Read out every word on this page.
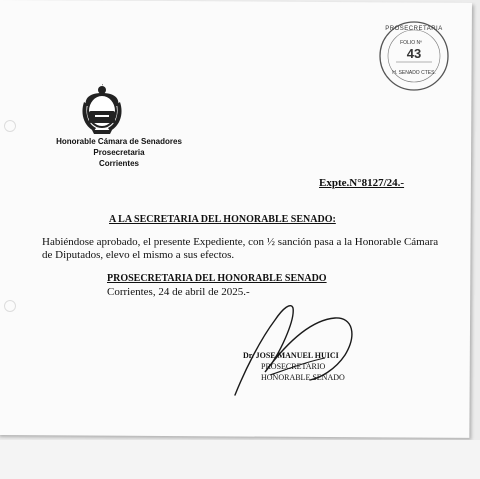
Honorable Cámara de Senadores
Prosecretaria
Corrientes
PROSECRETARIA
FOLIO Nº
43
H. SENADO CTES.
Expte.N°8127/24.-
A LA SECRETARIA DEL HONORABLE SENADO:
Habiéndose aprobado, el presente Expediente, con ½ sanción pasa a la Honorable Cámara de Diputados, elevo el mismo a sus efectos.
PROSECRETARIA DEL HONORABLE SENADO
Corrientes, 24 de abril de 2025.-
Dr. JOSE MANUEL HUICI
PROSECRETARIO
HONORABLE SENADO
